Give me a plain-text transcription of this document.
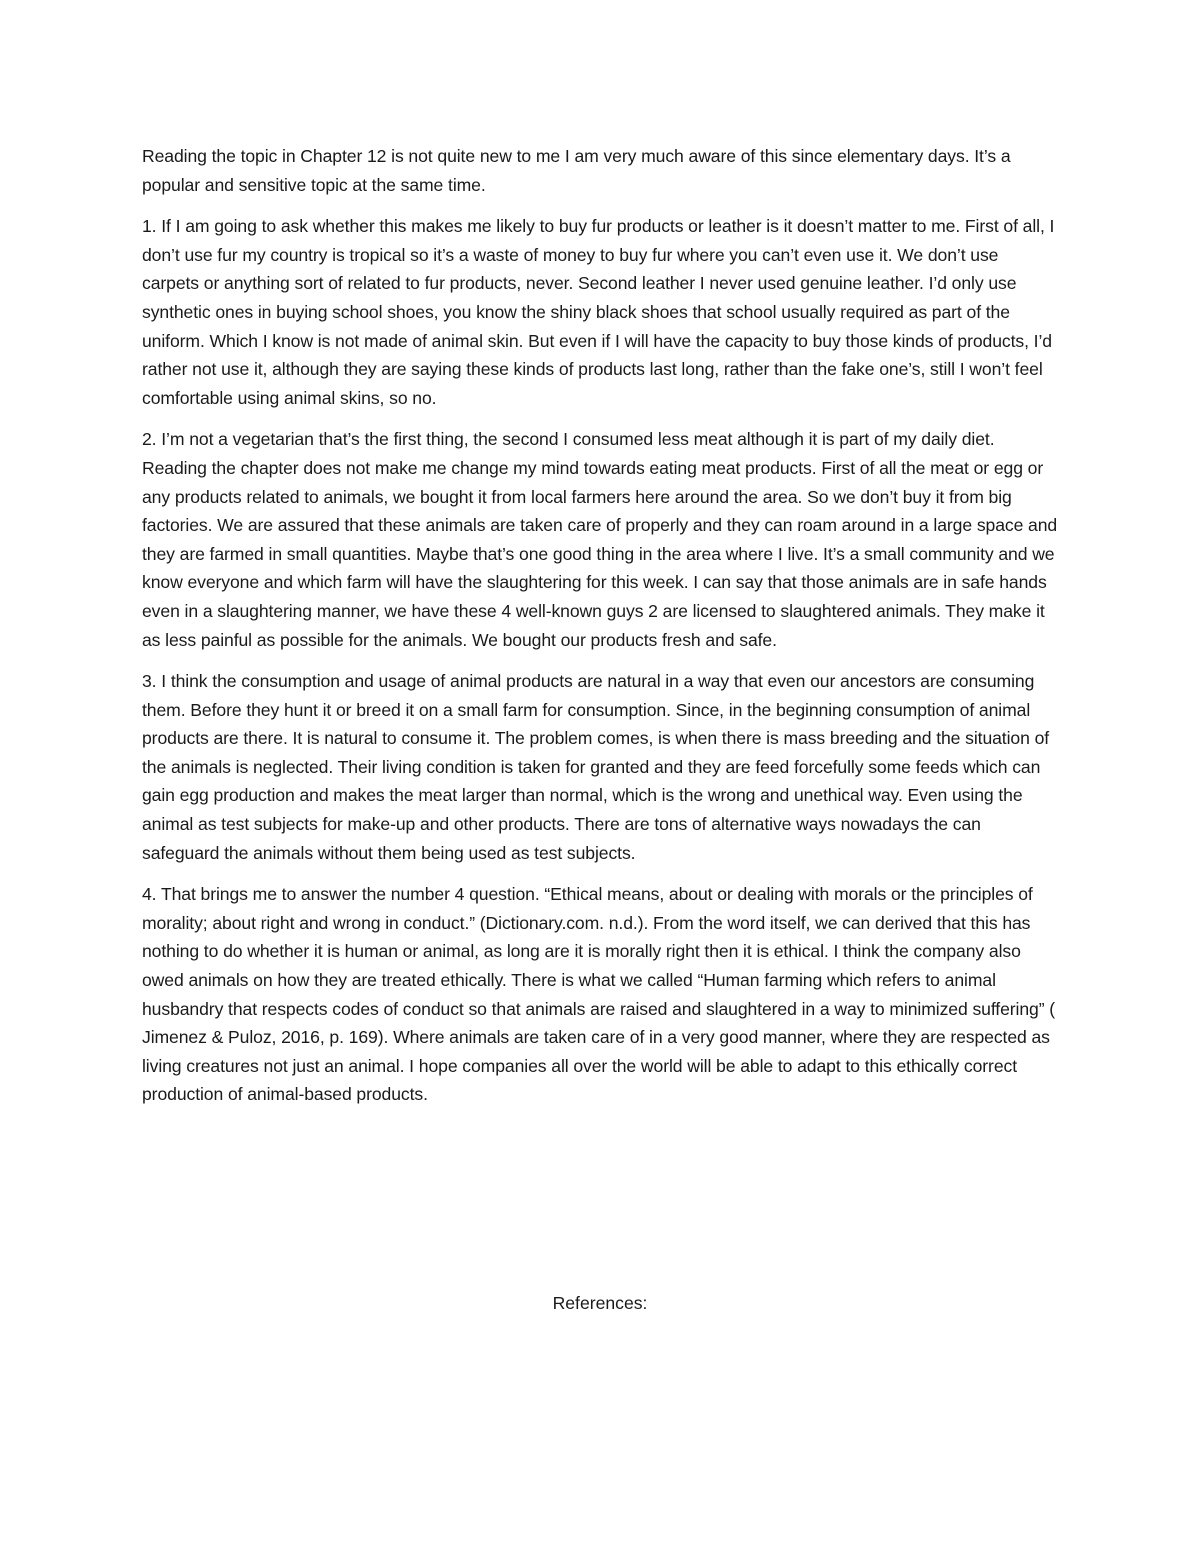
Reading the topic in Chapter 12 is not quite new to me I am very much aware of this since elementary days. It’s a popular and sensitive topic at the same time.

1. If I am going to ask whether this makes me likely to buy fur products or leather is it doesn’t matter to me. First of all, I don’t use fur my country is tropical so it’s a waste of money to buy fur where you can’t even use it. We don’t use carpets or anything sort of related to fur products, never. Second leather I never used genuine leather. I’d only use synthetic ones in buying school shoes, you know the shiny black shoes that school usually required as part of the uniform. Which I know is not made of animal skin. But even if I will have the capacity to buy those kinds of products, I’d rather not use it, although they are saying these kinds of products last long, rather than the fake one’s, still I won’t feel comfortable using animal skins, so no.

2. I’m not a vegetarian that’s the first thing, the second I consumed less meat although it is part of my daily diet. Reading the chapter does not make me change my mind towards eating meat products. First of all the meat or egg or any products related to animals, we bought it from local farmers here around the area. So we don’t buy it from big factories. We are assured that these animals are taken care of properly and they can roam around in a large space and they are farmed in small quantities. Maybe that’s one good thing in the area where I live. It’s a small community and we know everyone and which farm will have the slaughtering for this week. I can say that those animals are in safe hands even in a slaughtering manner, we have these 4 well-known guys 2 are licensed to slaughtered animals. They make it as less painful as possible for the animals. We bought our products fresh and safe.

3. I think the consumption and usage of animal products are natural in a way that even our ancestors are consuming them. Before they hunt it or breed it on a small farm for consumption. Since, in the beginning consumption of animal products are there. It is natural to consume it. The problem comes, is when there is mass breeding and the situation of the animals is neglected. Their living condition is taken for granted and they are feed forcefully some feeds which can gain egg production and makes the meat larger than normal, which is the wrong and unethical way. Even using the animal as test subjects for make-up and other products. There are tons of alternative ways nowadays the can safeguard the animals without them being used as test subjects.

4. That brings me to answer the number 4 question. “Ethical means, about or dealing with morals or the principles of morality; about right and wrong in conduct.” (Dictionary.com. n.d.). From the word itself, we can derived that this has nothing to do whether it is human or animal, as long are it is morally right then it is ethical. I think the company also owed animals on how they are treated ethically. There is what we called “Human farming which refers to animal husbandry that respects codes of conduct so that animals are raised and slaughtered in a way to minimized suffering” ( Jimenez & Puloz, 2016, p. 169). Where animals are taken care of in a very good manner, where they are respected as living creatures not just an animal. I hope companies all over the world will be able to adapt to this ethically correct production of animal-based products.

References:
